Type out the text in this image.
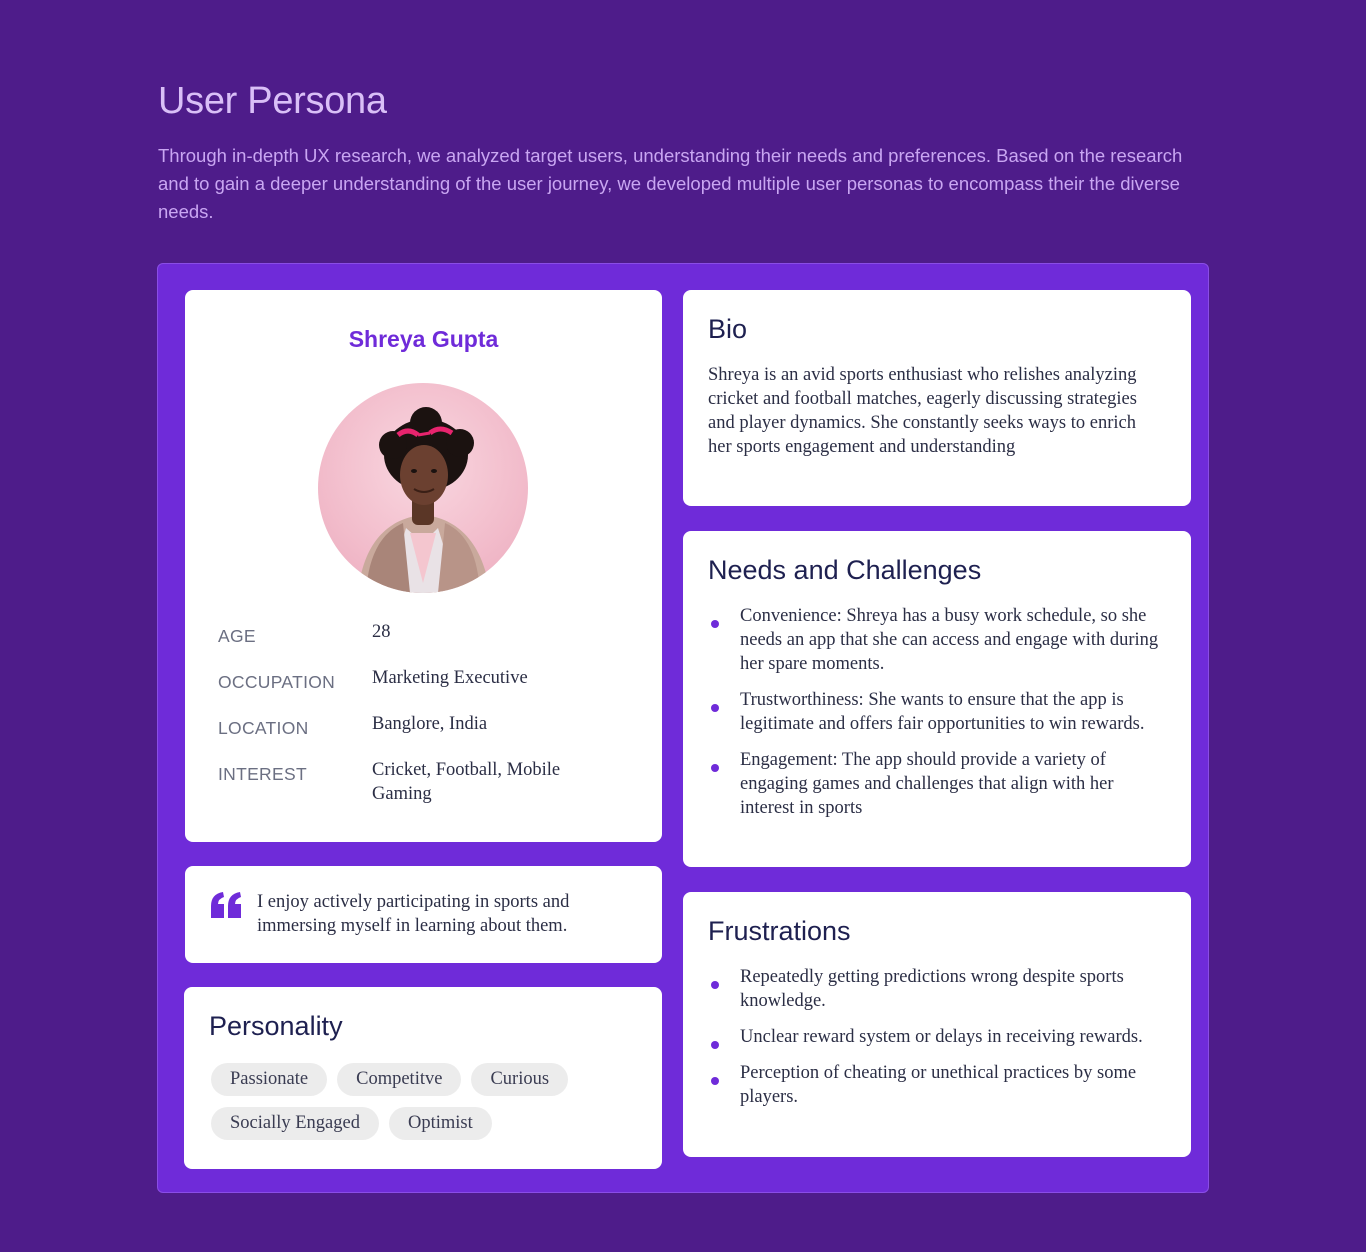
User Persona

Through in-depth UX research, we analyzed target users, understanding their needs and preferences. Based on the research and to gain a deeper understanding of the user journey, we developed multiple user personas to encompass their the diverse needs.

Shreya Gupta
AGE	28
OCCUPATION Marketing Executive
LOCATION	Banglore, India
INTEREST	Cricket, Football, Mobile Gaming
I enjoy actively participating in sports and immersing myself in learning about them.
Personality
Passionate	Competitve	Curious
Socially Engaged	Optimist
Bio
Shreya is an avid sports enthusiast who relishes analyzing cricket and football matches, eagerly discussing strategies and player dynamics. She constantly seeks ways to enrich her sports engagement and understanding
Needs and Challenges
Convenience: Shreya has a busy work schedule, so she needs an app that she can access and engage with during her spare moments.
Trustworthiness: She wants to ensure that the app is legitimate and offers fair opportunities to win rewards.
Engagement: The app should provide a variety of engaging games and challenges that align with her interest in sports
Frustrations
Repeatedly getting predictions wrong despite sports knowledge.
Unclear reward system or delays in receiving rewards.
Perception of cheating or unethical practices by some players.
